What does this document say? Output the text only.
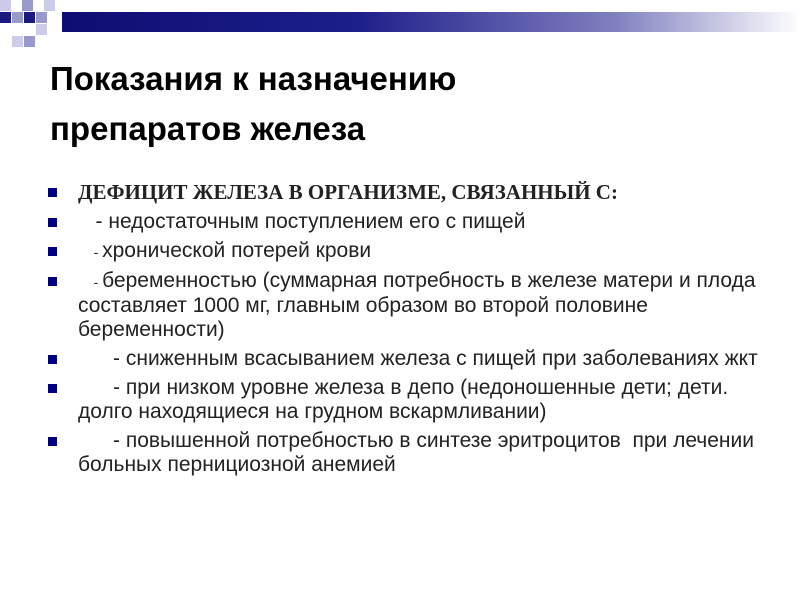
Показания к назначению
препаратов железа
ДЕФИЦИТ ЖЕЛЕЗА В ОРГАНИЗМЕ, СВЯЗАННЫЙ С:
- недостаточным поступлением его с пищей
- хронической потерей крови
- беременностью (суммарная потребность в железе матери и плода составляет 1000 мг, главным образом во второй половине беременности)
- сниженным всасыванием железа с пищей при заболеваниях жкт
- при низком уровне железа в депо (недоношенные дети; дети. долго находящиеся на грудном вскармливании)
- повышенной потребностью в синтезе эритроцитов  при лечении больных пернициозной анемией
